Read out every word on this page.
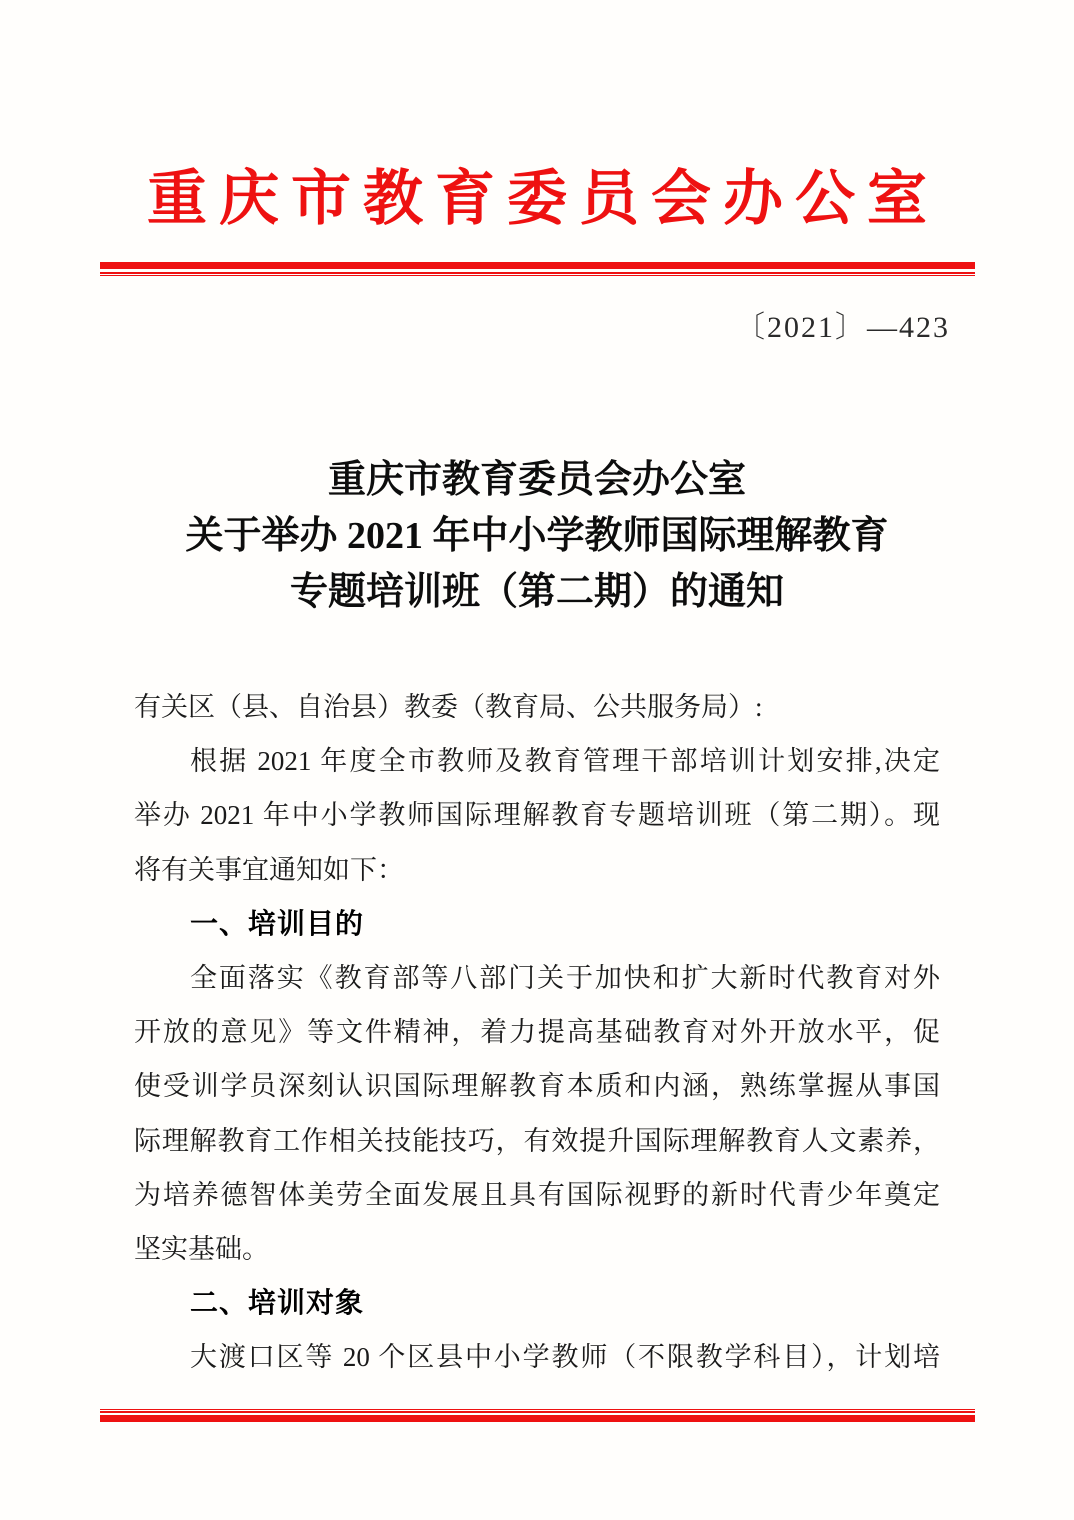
重庆市教育委员会办公室
〔2021〕—423
重庆市教育委员会办公室
关于举办 2021 年中小学教师国际理解教育
专题培训班（第二期）的通知
有关区（县、自治县）教委（教育局、公共服务局）:
根据 2021 年度全市教师及教育管理干部培训计划安排,决定
举办 2021 年中小学教师国际理解教育专题培训班（第二期）。现
将有关事宜通知如下：
一、培训目的
全面落实《教育部等八部门关于加快和扩大新时代教育对外
开放的意见》等文件精神，着力提高基础教育对外开放水平，促
使受训学员深刻认识国际理解教育本质和内涵，熟练掌握从事国
际理解教育工作相关技能技巧，有效提升国际理解教育人文素养，
为培养德智体美劳全面发展且具有国际视野的新时代青少年奠定
坚实基础。
二、培训对象
大渡口区等 20 个区县中小学教师（不限教学科目），计划培
